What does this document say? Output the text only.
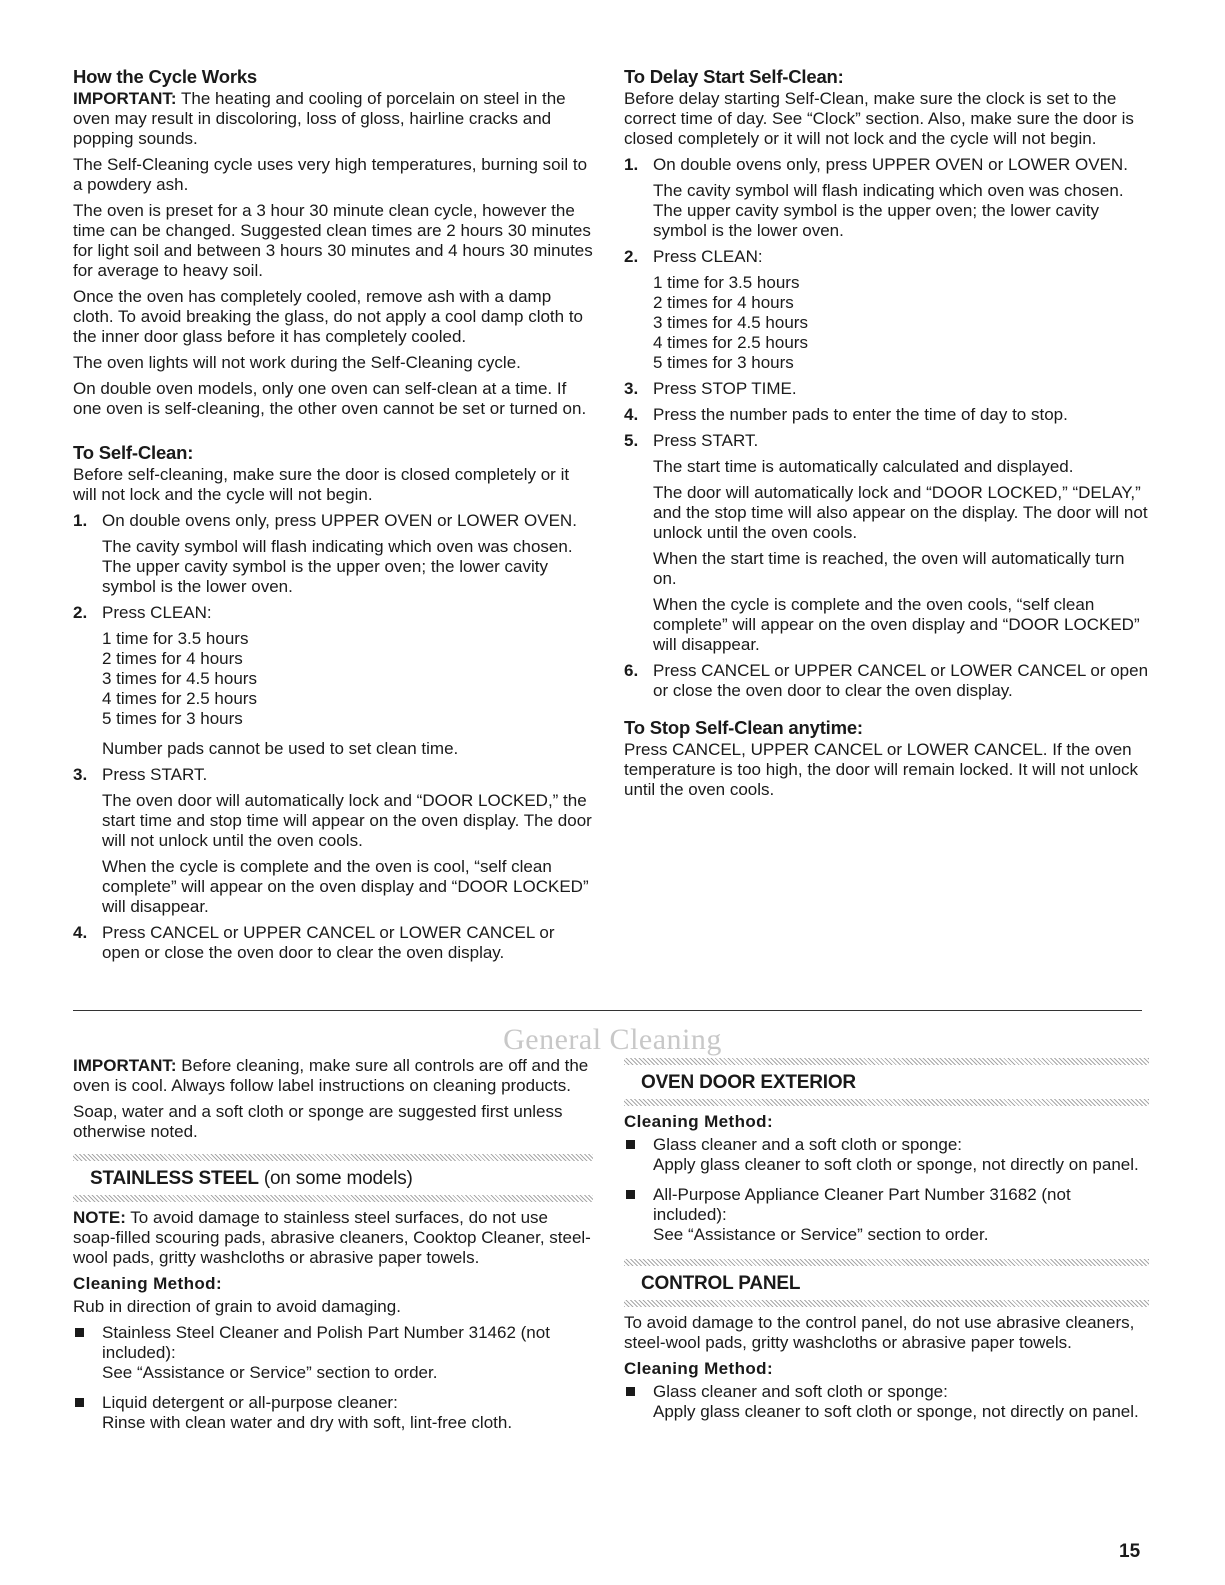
How the Cycle Works

IMPORTANT: The heating and cooling of porcelain on steel in the oven may result in discoloring, loss of gloss, hairline cracks and popping sounds.

The Self-Cleaning cycle uses very high temperatures, burning soil to a powdery ash.

The oven is preset for a 3 hour 30 minute clean cycle, however the time can be changed. Suggested clean times are 2 hours 30 minutes for light soil and between 3 hours 30 minutes and 4 hours 30 minutes for average to heavy soil.

Once the oven has completely cooled, remove ash with a damp cloth. To avoid breaking the glass, do not apply a cool damp cloth to the inner door glass before it has completely cooled.

The oven lights will not work during the Self-Cleaning cycle.

On double oven models, only one oven can self-clean at a time. If one oven is self-cleaning, the other oven cannot be set or turned on.

To Self-Clean:

Before self-cleaning, make sure the door is closed completely or it will not lock and the cycle will not begin.

1. On double ovens only, press UPPER OVEN or LOWER OVEN.

The cavity symbol will flash indicating which oven was chosen. The upper cavity symbol is the upper oven; the lower cavity symbol is the lower oven.

2. Press CLEAN:

1 time for 3.5 hours
2 times for 4 hours
3 times for 4.5 hours
4 times for 2.5 hours
5 times for 3 hours

Number pads cannot be used to set clean time.

3. Press START.

The oven door will automatically lock and “DOOR LOCKED,” the start time and stop time will appear on the oven display. The door will not unlock until the oven cools.

When the cycle is complete and the oven is cool, “self clean complete” will appear on the oven display and “DOOR LOCKED” will disappear.

4. Press CANCEL or UPPER CANCEL or LOWER CANCEL or open or close the oven door to clear the oven display.

To Delay Start Self-Clean:

Before delay starting Self-Clean, make sure the clock is set to the correct time of day. See “Clock” section. Also, make sure the door is closed completely or it will not lock and the cycle will not begin.

1. On double ovens only, press UPPER OVEN or LOWER OVEN.

The cavity symbol will flash indicating which oven was chosen. The upper cavity symbol is the upper oven; the lower cavity symbol is the lower oven.

2. Press CLEAN:

1 time for 3.5 hours
2 times for 4 hours
3 times for 4.5 hours
4 times for 2.5 hours
5 times for 3 hours
3. Press STOP TIME.

4. Press the number pads to enter the time of day to stop.

5. Press START.

The start time is automatically calculated and displayed.

The door will automatically lock and “DOOR LOCKED,” “DELAY,” and the stop time will also appear on the display. The door will not unlock until the oven cools.

When the start time is reached, the oven will automatically turn on.

When the cycle is complete and the oven cools, “self clean complete” will appear on the oven display and “DOOR LOCKED” will disappear.

6. Press CANCEL or UPPER CANCEL or LOWER CANCEL or open or close the oven door to clear the oven display.

To Stop Self-Clean anytime:

Press CANCEL, UPPER CANCEL or LOWER CANCEL. If the oven temperature is too high, the door will remain locked. It will not unlock until the oven cools.

General Cleaning

IMPORTANT: Before cleaning, make sure all controls are off and the oven is cool. Always follow label instructions on cleaning products.

Soap, water and a soft cloth or sponge are suggested first unless otherwise noted.

STAINLESS STEEL (on some models)

NOTE: To avoid damage to stainless steel surfaces, do not use soap-filled scouring pads, abrasive cleaners, Cooktop Cleaner, steel-wool pads, gritty washcloths or abrasive paper towels.

Cleaning Method:

Rub in direction of grain to avoid damaging.

Stainless Steel Cleaner and Polish Part Number 31462 (not included):
See “Assistance or Service” section to order.
Liquid detergent or all-purpose cleaner:
Rinse with clean water and dry with soft, lint-free cloth.
OVEN DOOR EXTERIOR
Cleaning Method:
Glass cleaner and a soft cloth or sponge:
Apply glass cleaner to soft cloth or sponge, not directly on panel.
All-Purpose Appliance Cleaner Part Number 31682 (not included):
See “Assistance or Service” section to order.
CONTROL PANEL

To avoid damage to the control panel, do not use abrasive cleaners, steel-wool pads, gritty washcloths or abrasive paper towels.

Cleaning Method:
Glass cleaner and soft cloth or sponge:
Apply glass cleaner to soft cloth or sponge, not directly on panel.
15
